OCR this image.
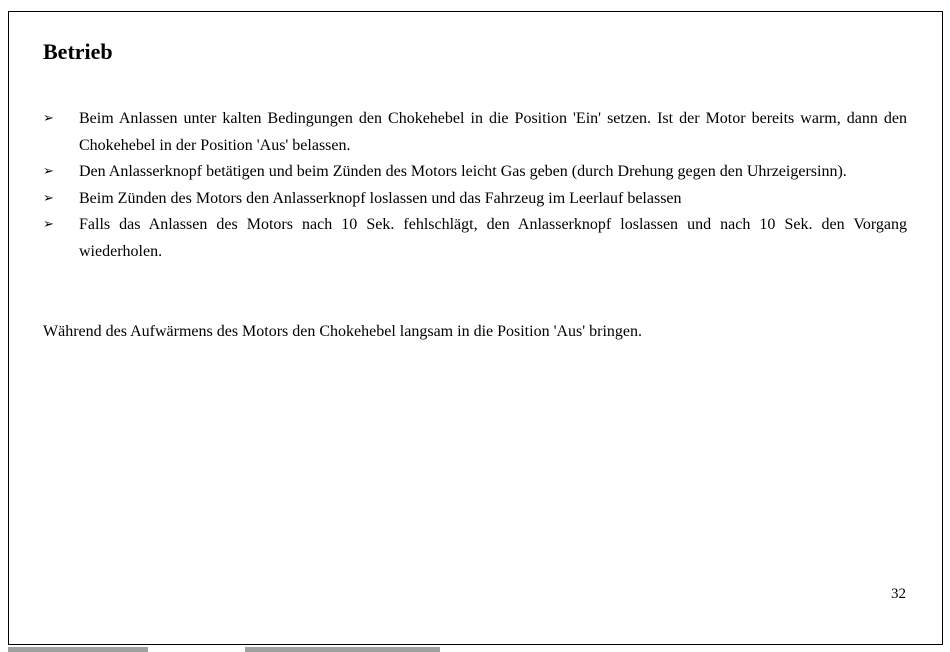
Betrieb
➢ Beim Anlassen unter kalten Bedingungen den Chokehebel in die Position 'Ein' setzen. Ist der Motor bereits warm, dann den Chokehebel in der Position 'Aus' belassen.
➢ Den Anlasserknopf betätigen und beim Zünden des Motors leicht Gas geben (durch Drehung gegen den Uhrzeigersinn).
➢ Beim Zünden des Motors den Anlasserknopf loslassen und das Fahrzeug im Leerlauf belassen
➢ Falls das Anlassen des Motors nach 10 Sek. fehlschlägt, den Anlasserknopf loslassen und nach 10 Sek. den Vorgang wiederholen.

Während des Aufwärmens des Motors den Chokehebel langsam in die Position 'Aus' bringen.

32
